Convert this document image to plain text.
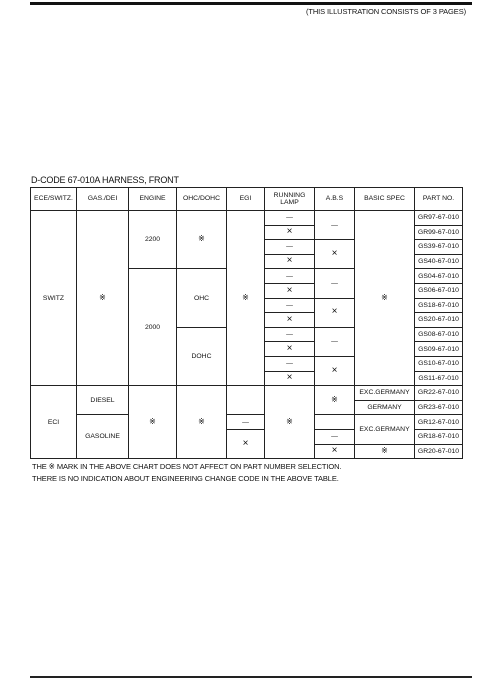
(THIS ILLUSTRATION CONSISTS OF 3 PAGES)
D-CODE 67-010A HARNESS, FRONT
ECE/SWITZ.	GAS./DEI	ENGINE	OHC/DOHC	EGI	RUNNING LAMP	A.B.S	BASIC SPEC	PART NO.
SWITZ	※	2200	※	※	—	—	※	GR97-67-010
					×			GR99-67-010
					—	×		GS39-67-010
					×			GS40-67-010
		2000	OHC		—	—		GS04-67-010
					×			GS06-67-010
					—	×		GS18-67-010
					×			GS20-67-010
			DOHC		—	—		GS08-67-010
					×			GS09-67-010
					—	×		GS10-67-010
					×			GS11-67-010
ECI	DIESEL	※	※		※	※	EXC.GERMANY	GR22-67-010
							GERMANY	GR23-67-010
	GASOLINE			—			EXC.GERMANY	GR12-67-010
				×		—		GR18-67-010
						×	※	GR20-67-010
THE ※ MARK IN THE ABOVE CHART DOES NOT AFFECT ON PART NUMBER SELECTION.
THERE IS NO INDICATION ABOUT ENGINEERING CHANGE CODE IN THE ABOVE TABLE.
